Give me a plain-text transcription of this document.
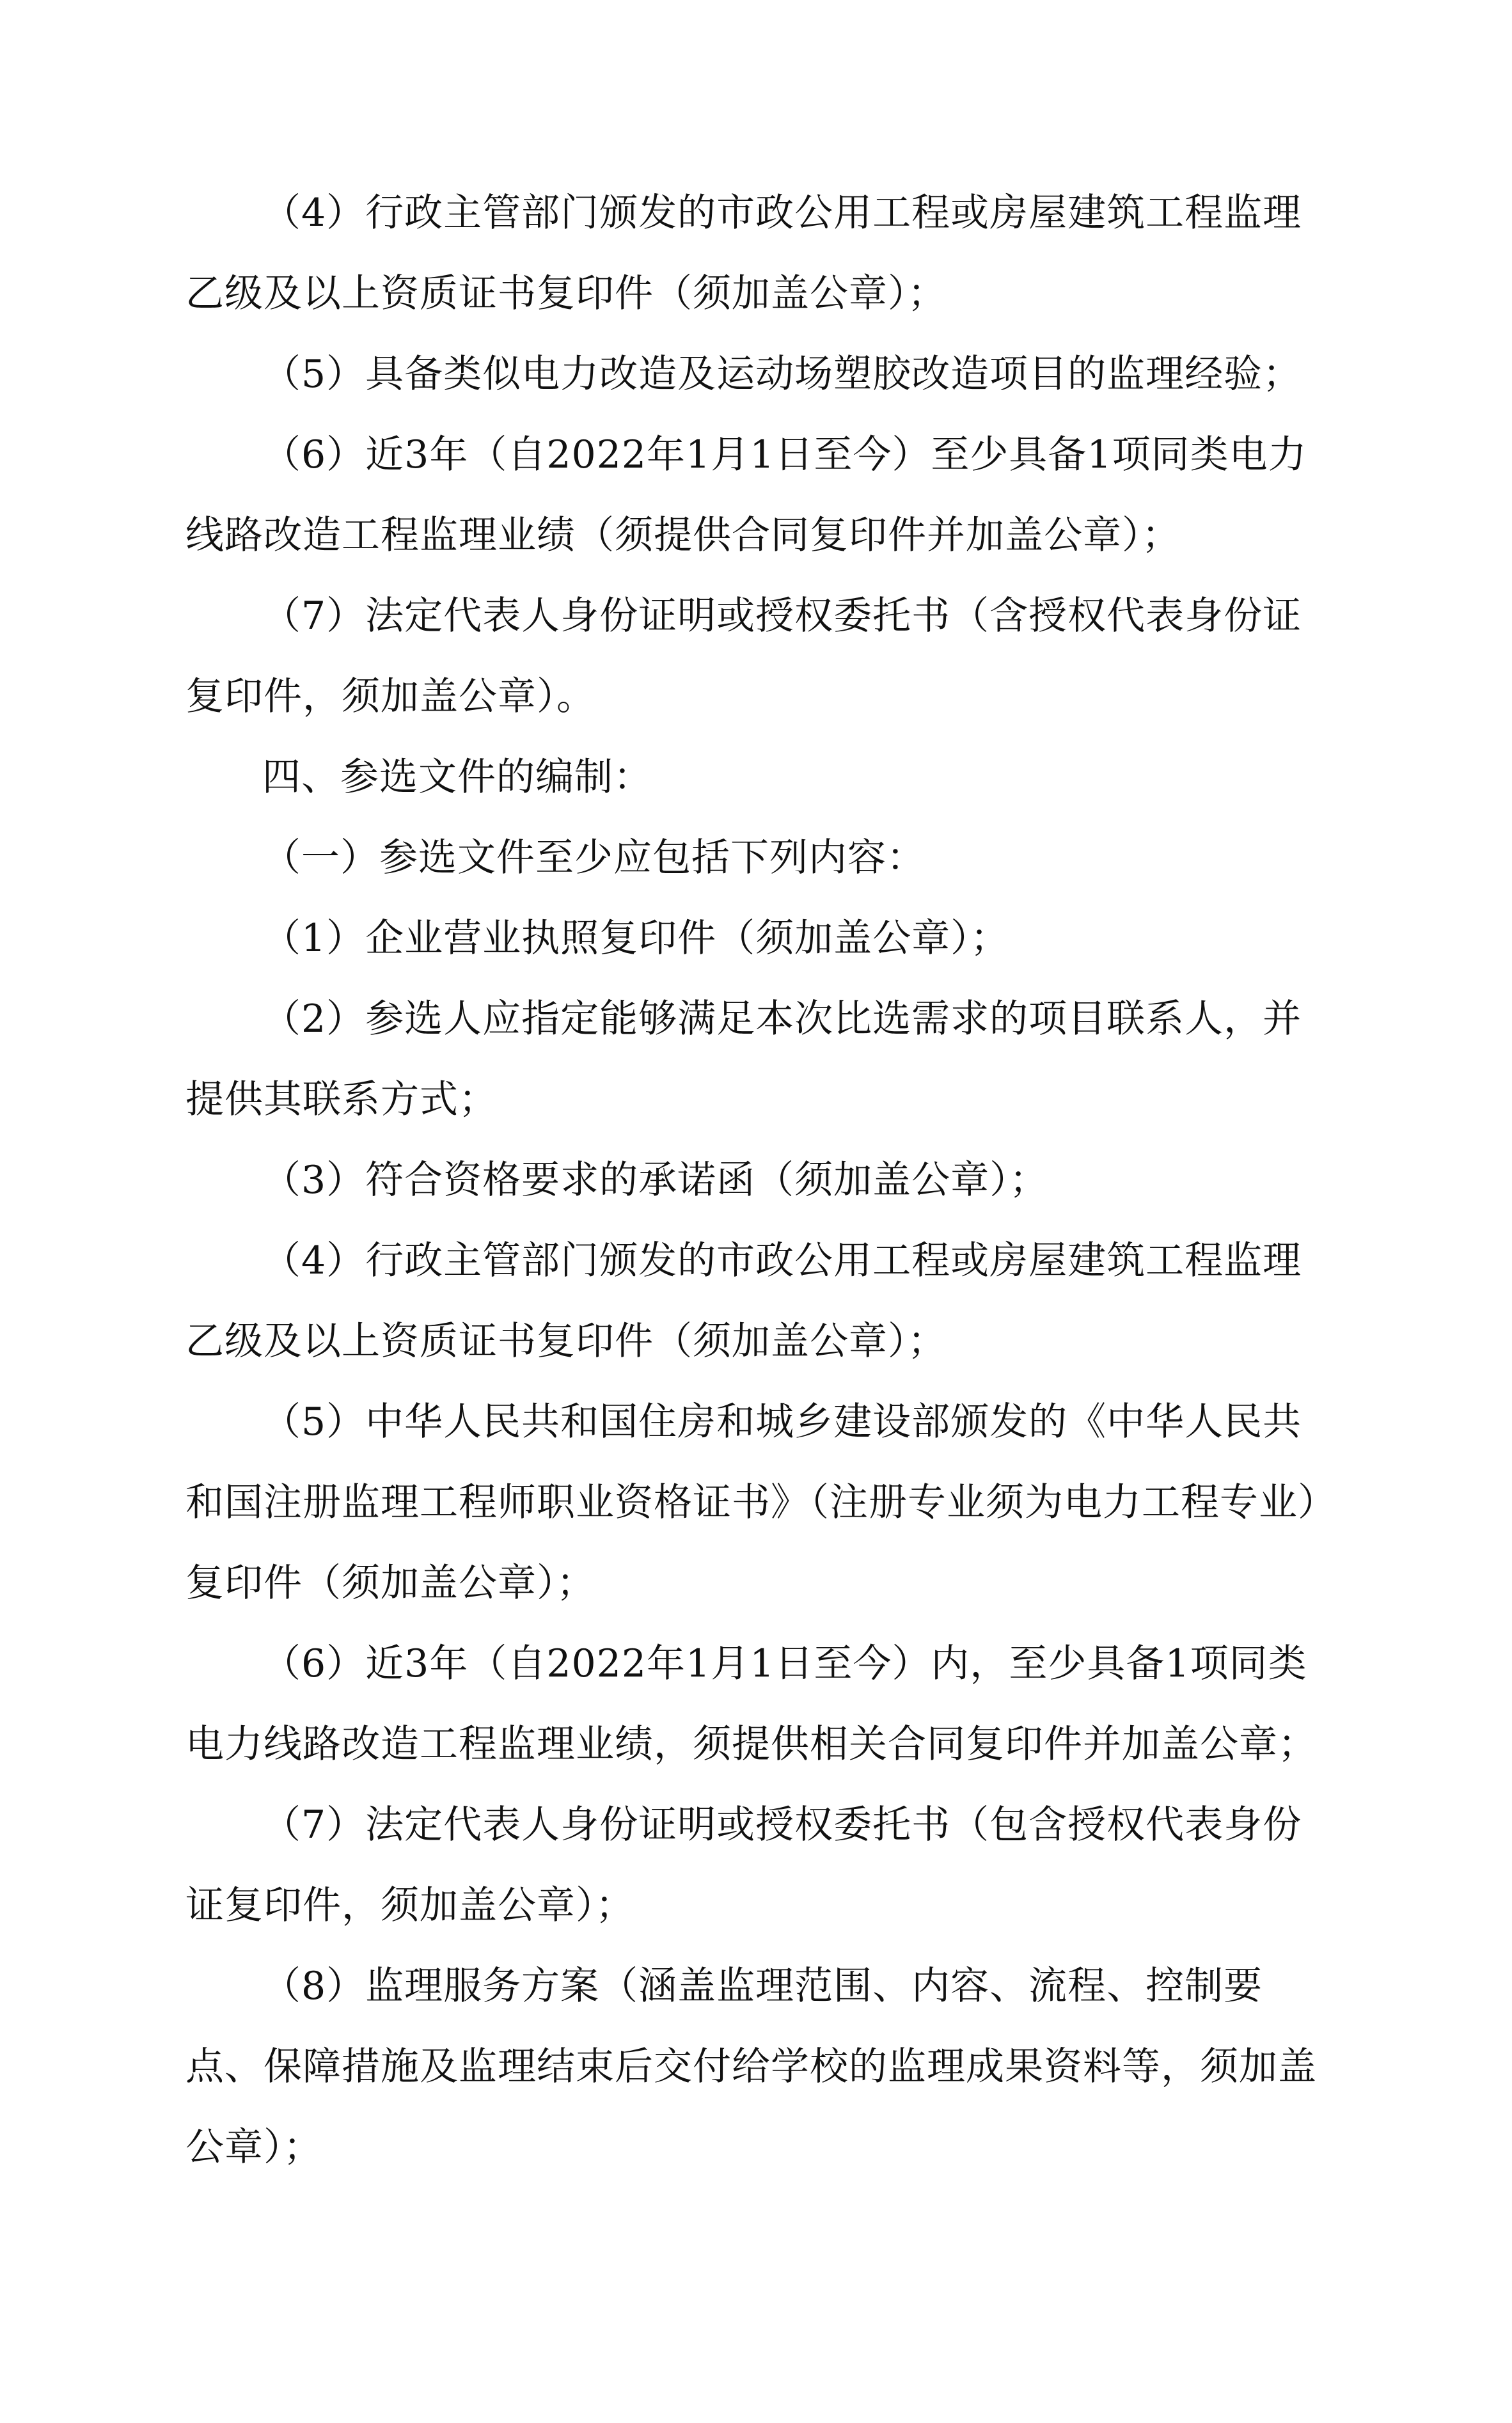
（4）行政主管部门颁发的市政公用工程或房屋建筑工程监理乙级及以上资质证书复印件（须加盖公章）；

（5）具备类似电力改造及运动场塑胶改造项目的监理经验；

（6）近3年（自2022年1月1日至今）至少具备1项同类电力线路改造工程监理业绩（须提供合同复印件并加盖公章）；

（7）法定代表人身份证明或授权委托书（含授权代表身份证复印件，须加盖公章）。

四、参选文件的编制：

（一）参选文件至少应包括下列内容：

（1）企业营业执照复印件（须加盖公章）；

（2）参选人应指定能够满足本次比选需求的项目联系人，并提供其联系方式；

（3）符合资格要求的承诺函（须加盖公章）；

（4）行政主管部门颁发的市政公用工程或房屋建筑工程监理乙级及以上资质证书复印件（须加盖公章）；

（5）中华人民共和国住房和城乡建设部颁发的《中华人民共和国注册监理工程师职业资格证书》（注册专业须为电力工程专业）复印件（须加盖公章）；

（6）近3年（自2022年1月1日至今）内，至少具备1项同类电力线路改造工程监理业绩，须提供相关合同复印件并加盖公章；

（7）法定代表人身份证明或授权委托书（包含授权代表身份证复印件，须加盖公章）；

（8）监理服务方案（涵盖监理范围、内容、流程、控制要点、保障措施及监理结束后交付给学校的监理成果资料等，须加盖公章）；
